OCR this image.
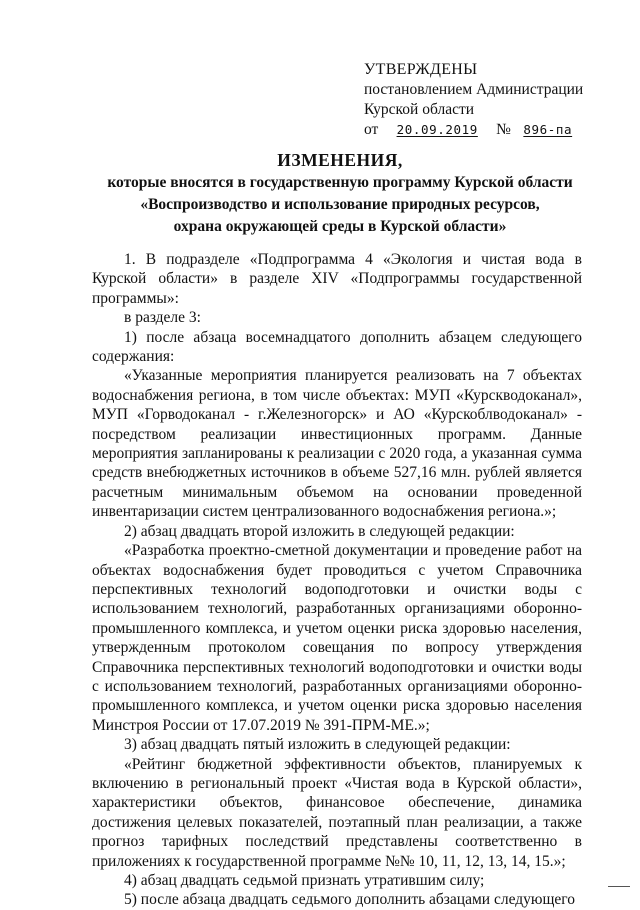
УТВЕРЖДЕНЫ
постановлением Администрации
Курской области
от 20.09.2019 № 896-па
ИЗМЕНЕНИЯ,
которые вносятся в государственную программу Курской области
«Воспроизводство и использование природных ресурсов,
охрана окружающей среды в Курской области»

1. В подразделе «Подпрограмма 4 «Экология и чистая вода в Курской области» в разделе XIV «Подпрограммы государственной программы»:

в разделе 3:

1) после абзаца восемнадцатого дополнить абзацем следующего содержания:

«Указанные мероприятия планируется реализовать на 7 объектах водоснабжения региона, в том числе объектах: МУП «Курскводоканал», МУП «Горводоканал - г.Железногорск» и АО «Курскоблводоканал» - посредством реализации инвестиционных программ. Данные мероприятия запланированы к реализации с 2020 года, а указанная сумма средств внебюджетных источников в объеме 527,16 млн. рублей является расчетным минимальным объемом на основании проведенной инвентаризации систем централизованного водоснабжения региона.»;

2) абзац двадцать второй изложить в следующей редакции:

«Разработка проектно-сметной документации и проведение работ на объектах водоснабжения будет проводиться с учетом Справочника перспективных технологий водоподготовки и очистки воды с использованием технологий, разработанных организациями оборонно-промышленного комплекса, и учетом оценки риска здоровью населения, утвержденным протоколом совещания по вопросу утверждения Справочника перспективных технологий водоподготовки и очистки воды с использованием технологий, разработанных организациями оборонно-промышленного комплекса, и учетом оценки риска здоровью населения Минстроя России от 17.07.2019 № 391-ПРМ-МЕ.»;

3) абзац двадцать пятый изложить в следующей редакции:

«Рейтинг бюджетной эффективности объектов, планируемых к включению в региональный проект «Чистая вода в Курской области», характеристики объектов, финансовое обеспечение, динамика достижения целевых показателей, поэтапный план реализации, а также прогноз тарифных последствий представлены соответственно в приложениях к государственной программе №№ 10, 11, 12, 13, 14, 15.»;

4) абзац двадцать седьмой признать утратившим силу;

5) после абзаца двадцать седьмого дополнить абзацами следующего
